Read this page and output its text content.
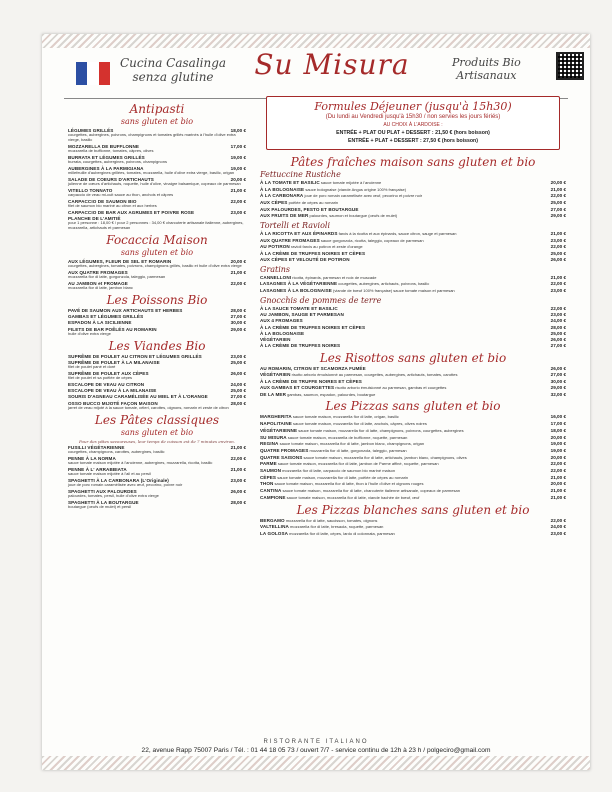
Cucina Casalinga
senza glutine	Su Misura	Produits Bio
Artisanaux
Antipasti
sans gluten et bio
LÉGUMES GRILLÉS	18,00 €
courgettes, aubergines, poivrons, champignons et tomates grillés marinés à l'huile d'olive extra vierge, basilic
MOZZARELLA DE BUFFLONNE	17,00 €
mozzarella de bufflonne, tomates, câpres, olives
BURRATA ET LÉGUMES GRILLÉS	19,00 €
burrata, courgettes, aubergines, poivrons, champignons
AUBERGINES À LA PARMIGIANA	19,00 €
millefeuille d'aubergines grillées, tomates, mozzarella, huile d'olive extra vierge, basilic, origan
SALADE DE COEURS D'ARTICHAUTS	20,00 €
julienne de cœurs d'artichauts, roquette, huile d'olive, vinaigre balsamique, copeaux de parmesan
VITELLO TONNATO	21,00 €
carpaccio de veau mi-cuit sauce au thon, anchois et câpres
CARPACCIO DE SAUMON BIO	22,00 €
filet de saumon bio mariné au citron et aux herbes
CARPACCIO DE BAR AUX AGRUMES ET POIVRE ROSE	23,00 €
PLANCHE DE L'AMITIÉ
pour 1 personne : 18,00 € / pour 2 personnes : 34,00 € charcuterie artisanale italienne, aubergines, mozzarella, artichauts et parmesan
Focaccia Maison
sans gluten et bio
AUX LÉGUMES, FLEUR DE SEL ET ROMARIN	20,00 €
courgettes, aubergines, tomates, poivrons, champignons grillés, basilic et huile d'olive extra vierge
AUX QUATRE FROMAGES	21,00 €
mozzarella fior di latte, gorgonzola, taleggio, parmesan
AU JAMBON et FROMAGE	22,00 €
mozzarella fior di latte, jambon blanc
Les Poissons Bio
PAVÉ DE SAUMON AUX ARTICHAUTS ET HERBES	28,00 €
GAMBAS ET LÉGUMES GRILLÉS	27,00 €
ESPADON À LA SICILIENNE	30,00 €
FILETS DE BAR POÊLÉS AU ROMARIN	29,00 €
huile d'olive extra vierge
Les Viandes Bio
SUPRÊME DE POULET AU CITRON ET LÉGUMES GRILLÉS	23,00 €
SUPRÊME DE POULET À LA MILANAISE	25,00 €
filet de poulet pané et doré
SUPRÊME DE POULET AUX CÈPES	26,00 €
filet de poulet et sa poêlée de cèpes
ESCALOPE DE VEAU AU CITRON	24,00 €
ESCALOPE DE VEAU À LA MILANAISE	25,00 €
SOURIS D'AGNEAU CARAMÉLISÉE AU MIEL ET À L'ORANGE	27,00 €
OSSO BUCCO MIJOTÉ FAÇON MAISON	28,00 €
jarret de veau mijoté à la sauce tomate, céleri, carottes, oignons, romarin et zeste de citron
Les Pâtes classiques
sans gluten et bio
Pour des pâtes savoureuses, leur temps de cuisson est de 7 minutes environ.
FUSILLI VÉGÉTARIENNE	21,00 €
courgettes, champignons, carottes, aubergines, basilic
PENNE À LA NORMA	22,00 €
sauce tomate maison mijotée à l'ancienne, aubergines, mozzarella, ricotta, basilic
PENNE À L' ARRABBIATA	21,00 €
sauce tomate maison mijotée à l'ail et au persil
SPAGHETTI À LA CARBONARA (L'Originale)	23,00 €
joue de porc romain caramélisée avec œuf, pecorino, poivre noir
SPAGHETTI AUX PALOURDES	26,00 €
palourdes, tomates, persil, huile d'olive extra vierge
SPAGHETTI À LA BOUTARGUE	28,00 €
boutargue (oeufs de mulet) et persil
Formules Déjeuner (jusqu'à 15h30)
(Du lundi au Vendredi jusqu'à 15h30 / non servies les jours fériés)
AU CHOIX À L'ARDOISE :
ENTRÉE + PLAT OU PLAT + DESSERT : 21,50 € (hors boisson)
ENTRÉE + PLAT + DESSERT : 27,50 € (hors boisson)
Pâtes fraîches maison sans gluten et bio
Fettuccine Rustiche
À LA TOMATE ET BASILIC sauce tomate mijotée à l'ancienne	20,00 €
À LA BOLOGNAISE sauce bolognaise (viande Angus origine 100% française)	21,00 €
À LA CARBONARA joue de porc romain caramélisée avec œuf, pecorino et poivre noir	22,00 €
AUX CÈPES poêlée de cèpes au romarin	25,00 €
AUX PALOURDES, PESTO ET BOUTARGUE	27,00 €
AUX FRUITS DE MER palourdes, saumon et boutargue (oeufs de mulet)	29,00 €
Tortelli et Ravioli
À LA RICOTTA ET AUX ÉPINARDS farcis à la ricotta et aux épinards, sauce citron, sauge et parmesan	21,00 €
AUX QUATRE FROMAGES sauce gorgonzola, ricotta, taleggio, copeaux de parmesan	23,00 €
AU POTIRON ravioli farcis au potiron et zeste d'orange	22,00 €
À LA CRÈME DE TRUFFES NOIRES ET CÈPES	25,00 €
AUX CÈPES ET VELOUTÉ DE POTIRON	26,00 €
Gratins
CANNELLONI ricotta, épinards, parmesan et noix de muscade	21,00 €
LASAGNES À LA VÉGÉTARIENNE courgettes, aubergines, artichauts, poivrons, basilic	22,00 €
LASAGNES À LA BOLOGNAISE (viande de bœuf 100% française) sauce tomate maison et parmesan	23,00 €
Gnocchis de pommes de terre
À LA SAUCE TOMATE ET BASILIC	22,00 €
AU JAMBON, SAUGE ET PARMESAN	23,00 €
AUX 4 FROMAGES	24,00 €
À LA CRÈME DE TRUFFES NOIRES ET CÈPES	28,00 €
À LA BOLOGNAISE	25,00 €
VÉGÉTARIEN	26,00 €
À LA CRÈME DE TRUFFES NOIRES	27,00 €
Les Risottos sans gluten et bio
AU ROMARIN, CITRON ET SCAMORZA FUMÉE	26,00 €
VÉGÉTARIEN risotto arborio émulsionné au parmesan, courgettes, aubergines, artichauts, tomates, carottes	27,00 €
À LA CRÈME DE TRUFFE NOIRES ET CÈPES	30,00 €
AUX GAMBAS ET COURGETTES risotto arborio émulsionné au parmesan, gambas et courgettes	29,00 €
DE LA MER gambas, saumon, espadon, palourdes, boutargue	32,00 €
Les Pizzas sans gluten et bio
MARGHERITA sauce tomate maison, mozzarella fior di latte, origan, basilic	16,00 €
NAPOLITAINE sauce tomate maison, mozzarella fior di latte, anchois, câpres, olives noires	17,00 €
VÉGÉTARIENNE sauce tomate maison, mozzarella fior di latte, champignons, poivrons, courgettes, aubergines	18,00 €
SU MISURA sauce tomate maison, mozzarella de bufflonne, roquette, parmesan	20,00 €
REGINA sauce tomate maison, mozzarella fior di latte, jambon blanc, champignons, origan	19,00 €
QUATRE FROMAGES mozzarella fior di latte, gorgonzola, taleggio, parmesan	19,00 €
QUATRE SAISONS sauce tomate maison, mozzarella fior di latte, artichauts, jambon blanc, champignons, olives	20,00 €
PARME sauce tomate maison, mozzarella fior di latte, jambon de Parme affiné, roquette, parmesan	22,00 €
SAUMON mozzarella fior di latte, carpaccio de saumon bio mariné maison	22,00 €
CÈPES sauce tomate maison, mozzarella fior di latte, poêlée de cèpes au romarin	21,00 €
THON sauce tomate maison, mozzarella fior di latte, thon à l'huile d'olive et oignons rouges	20,00 €
CANTINA sauce tomate maison, mozzarella fior di latte, charcuterie italienne artisanale, copeaux de parmesan	21,00 €
CAMPIONE sauce tomate maison, mozzarella fior di latte, viande hachée de bœuf, œuf	21,00 €
Les Pizzas blanches sans gluten et bio
BERGAMO mozzarella fior di latte, saucisson, tomates, oignons	22,00 €
VALTELLINA mozzarella fior di latte, bresaola, roquette, parmesan	24,00 €
LA GOLOSA mozzarella fior di latte, cèpes, lardo di colonnata, parmesan	23,00 €
RISTORANTE ITALIANO
22, avenue Rapp 75007 Paris / Tél. : 01 44 18 05 73 / ouvert 7/7 - service continu de 12h à 23 h / polgeciro@gmail.com
